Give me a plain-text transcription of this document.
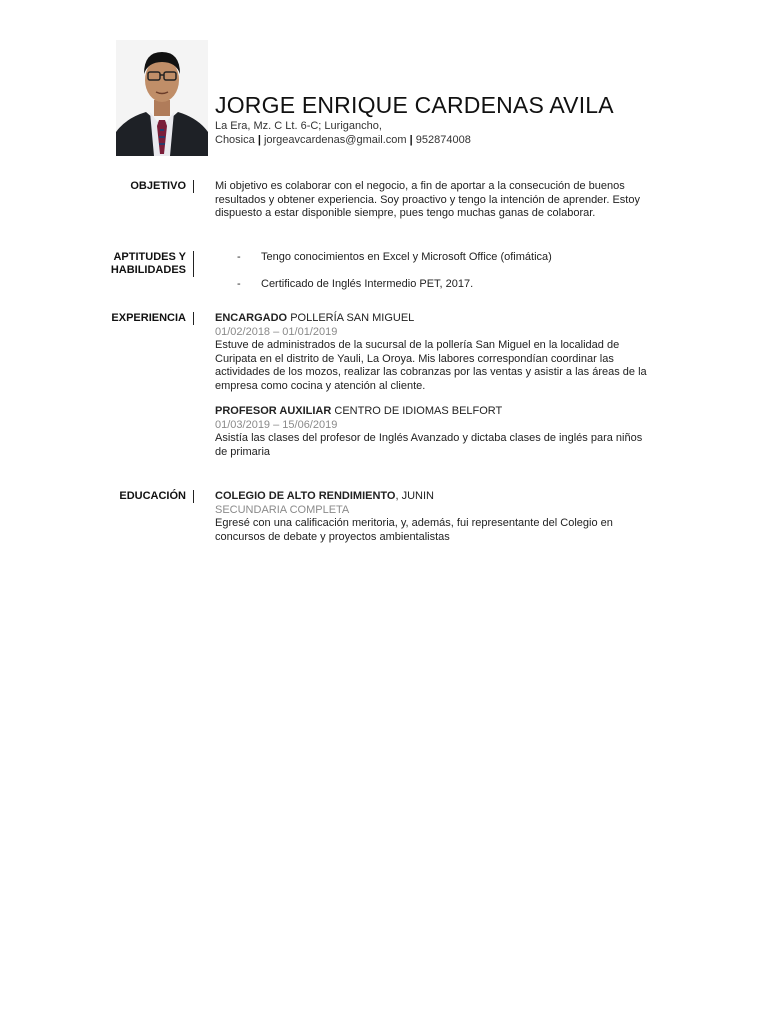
JORGE ENRIQUE CARDENAS AVILA
La Era, Mz. C Lt. 6-C; Lurigancho,
Chosica | jorgeavcardenas@gmail.com | 952874008
OBJETIVO	Mi objetivo es colaborar con el negocio, a fin de aportar a la consecución de buenos resultados y obtener experiencia. Soy proactivo y tengo la intención de aprender. Estoy dispuesto a estar disponible siempre, pues tengo muchas ganas de colaborar.
APTITUDES Y
HABILIDADES
- Tengo conocimientos en Excel y Microsoft Office (ofimática)
- Certificado de Inglés Intermedio PET, 2017.
EXPERIENCIA	ENCARGADO POLLERÍA SAN MIGUEL
01/02/2018 – 01/01/2019
Estuve de administrados de la sucursal de la pollería San Miguel en la localidad de Curipata en el distrito de Yauli, La Oroya. Mis labores correspondían coordinar las actividades de los mozos, realizar las cobranzas por las ventas y asistir a las áreas de la empresa como cocina y atención al cliente.
PROFESOR AUXILIAR CENTRO DE IDIOMAS BELFORT
01/03/2019 – 15/06/2019
Asistía las clases del profesor de Inglés Avanzado y dictaba clases de inglés para niños de primaria
EDUCACIÓN	COLEGIO DE ALTO RENDIMIENTO, JUNIN
SECUNDARIA COMPLETA
Egresé con una calificación meritoria, y, además, fui representante del Colegio en concursos de debate y proyectos ambientalistas
